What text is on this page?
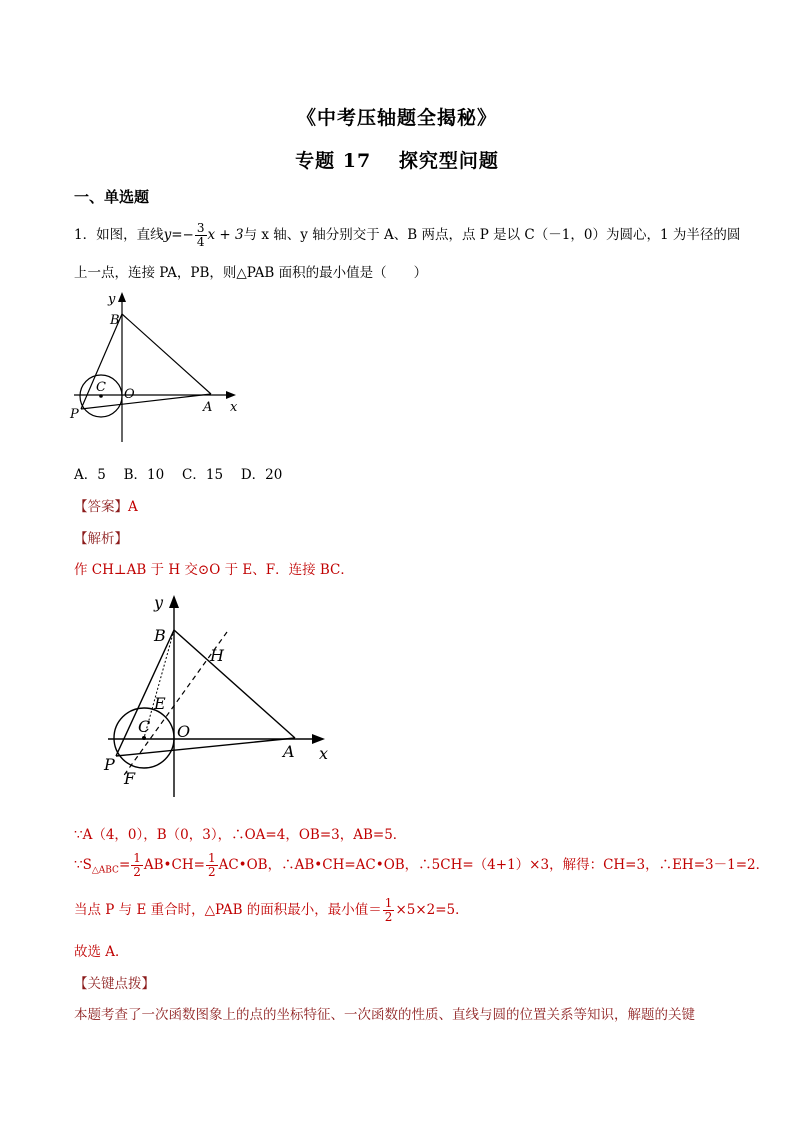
《中考压轴题全揭秘》
专题 17　 探究型问题
一、单选题
1．如图，直线$y=- \frac{3}{4}$ x + 3与 x 轴、y 轴分别交于 A、B 两点，点 P 是以 C（－1，0）为圆心，1 为半径的圆
上一点，连接 PA，PB，则△PAB 面积的最小值是（　　）
y
B
C O
A x
P
A．5　 B．10　 C．15　 D．20
【答案】A
【解析】
作 CH⊥AB 于 H 交⊙O 于 E、F．连接 BC．
y
B
H
E
C O
A x
P
F
∵A（4，0），B（0，3），∴OA=4，OB=3，AB=5．
$\because S_{\triangle ABC}= \frac{1}{2}$ AB•CH= $\frac{1}{2}$ AC•OB，∴AB•CH=AC•OB，∴5CH=（4+1）×3，解得：CH=3，∴EH=3－1=2．
当点 P 与 E 重合时，△PAB 的面积最小，最小值＝ $\frac{1}{2} \times 5\times 2=5$．
故选 A．
【关键点拨】
本题考查了一次函数图象上的点的坐标特征、一次函数的性质、直线与圆的位置关系等知识，解题的关键
